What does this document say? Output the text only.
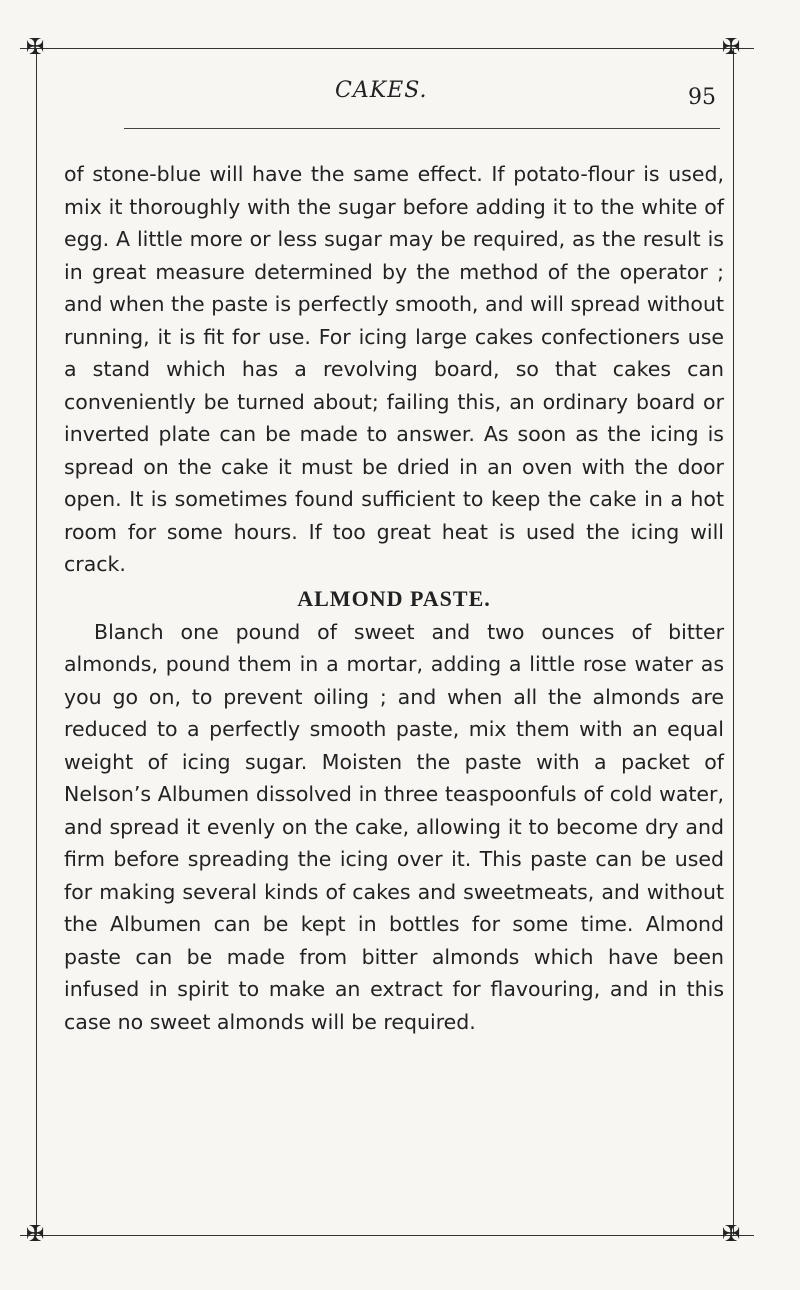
✠	✠
✠	✠
CAKES.	95

of stone-blue will have the same effect. If potato-flour is used, mix it thoroughly with the sugar before adding it to the white of egg. A little more or less sugar may be required, as the result is in great measure determined by the method of the operator ; and when the paste is perfectly smooth, and will spread without running, it is fit for use. For icing large cakes confectioners use a stand which has a revolving board, so that cakes can conveniently be turned about; failing this, an ordinary board or inverted plate can be made to answer. As soon as the icing is spread on the cake it must be dried in an oven with the door open. It is sometimes found sufficient to keep the cake in a hot room for some hours. If too great heat is used the icing will crack.

ALMOND PASTE.

Blanch one pound of sweet and two ounces of bitter almonds, pound them in a mortar, adding a little rose water as you go on, to prevent oiling ; and when all the almonds are reduced to a perfectly smooth paste, mix them with an equal weight of icing sugar. Moisten the paste with a packet of Nelson’s Albumen dissolved in three teaspoonfuls of cold water, and spread it evenly on the cake, allowing it to become dry and firm before spreading the icing over it. This paste can be used for making several kinds of cakes and sweetmeats, and without the Albumen can be kept in bottles for some time. Almond paste can be made from bitter almonds which have been infused in spirit to make an extract for flavouring, and in this case no sweet almonds will be required.
